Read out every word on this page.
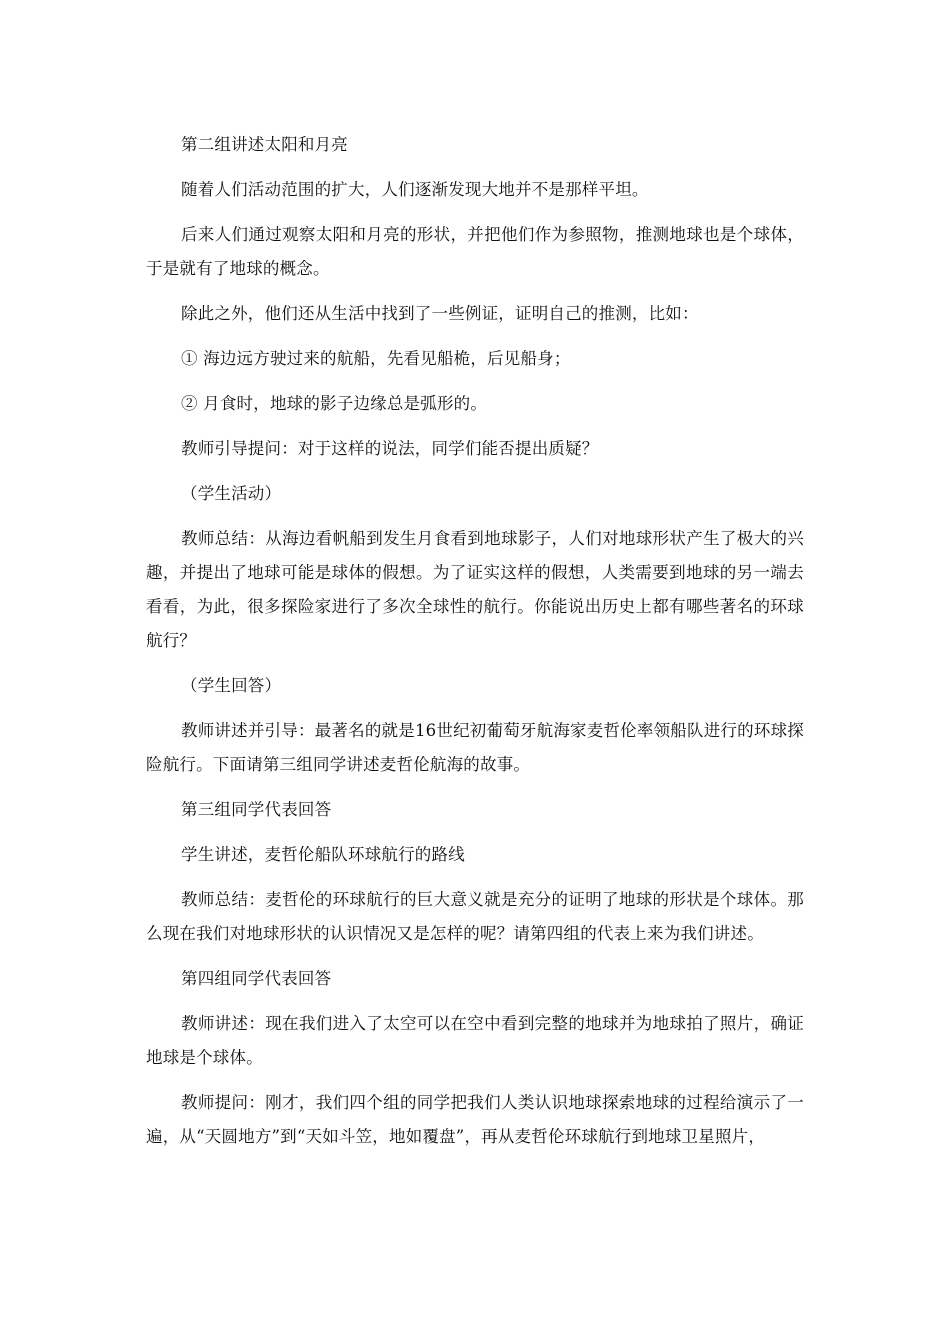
第二组讲述太阳和月亮

随着人们活动范围的扩大，人们逐渐发现大地并不是那样平坦。

后来人们通过观察太阳和月亮的形状，并把他们作为参照物，推测地球也是个球体，于是就有了地球的概念。

除此之外，他们还从生活中找到了一些例证，证明自己的推测，比如：

① 海边远方驶过来的航船，先看见船桅，后见船身；

② 月食时，地球的影子边缘总是弧形的。

教师引导提问：对于这样的说法，同学们能否提出质疑？

（学生活动）

教师总结：从海边看帆船到发生月食看到地球影子，人们对地球形状产生了极大的兴趣，并提出了地球可能是球体的假想。为了证实这样的假想，人类需要到地球的另一端去看看，为此，很多探险家进行了多次全球性的航行。你能说出历史上都有哪些著名的环球航行？

（学生回答）

教师讲述并引导：最著名的就是16世纪初葡萄牙航海家麦哲伦率领船队进行的环球探险航行。下面请第三组同学讲述麦哲伦航海的故事。

第三组同学代表回答

学生讲述，麦哲伦船队环球航行的路线

教师总结：麦哲伦的环球航行的巨大意义就是充分的证明了地球的形状是个球体。那么现在我们对地球形状的认识情况又是怎样的呢？请第四组的代表上来为我们讲述。

第四组同学代表回答

教师讲述：现在我们进入了太空可以在空中看到完整的地球并为地球拍了照片，确证地球是个球体。

教师提问：刚才，我们四个组的同学把我们人类认识地球探索地球的过程给演示了一遍，从“天圆地方”到“天如斗笠，地如覆盘”，再从麦哲伦环球航行到地球卫星照片，
